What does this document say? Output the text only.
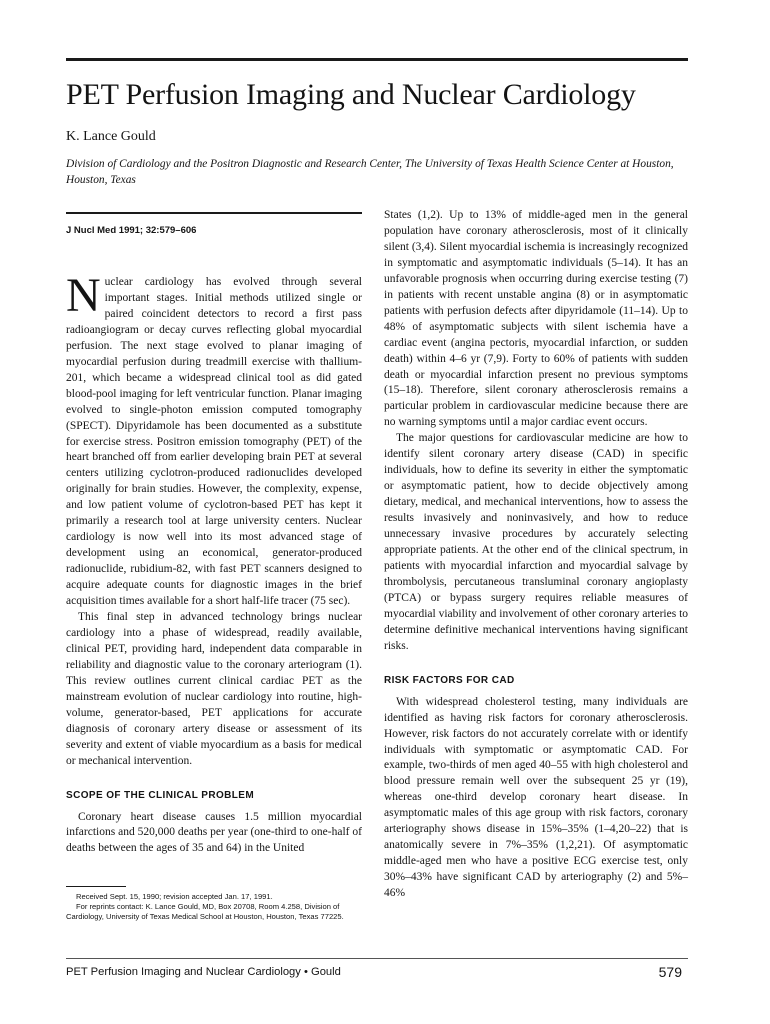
PET Perfusion Imaging and Nuclear Cardiology
K. Lance Gould
Division of Cardiology and the Positron Diagnostic and Research Center, The University of Texas Health Science Center at Houston, Houston, Texas
J Nucl Med 1991; 32:579–606

Nuclear cardiology has evolved through several important stages. Initial methods utilized single or paired coincident detectors to record a first pass radioangiogram or decay curves reflecting global myocardial perfusion. The next stage evolved to planar imaging of myocardial perfusion during treadmill exercise with thallium-201, which became a widespread clinical tool as did gated blood-pool imaging for left ventricular function. Planar imaging evolved to single-photon emission computed tomography (SPECT). Dipyridamole has been documented as a substitute for exercise stress. Positron emission tomography (PET) of the heart branched off from earlier developing brain PET at several centers utilizing cyclotron-produced radionuclides developed originally for brain studies. However, the complexity, expense, and low patient volume of cyclotron-based PET has kept it primarily a research tool at large university centers. Nuclear cardiology is now well into its most advanced stage of development using an economical, generator-produced radionuclide, rubidium-82, with fast PET scanners designed to acquire adequate counts for diagnostic images in the brief acquisition times available for a short half-life tracer (75 sec).

This final step in advanced technology brings nuclear cardiology into a phase of widespread, readily available, clinical PET, providing hard, independent data comparable in reliability and diagnostic value to the coronary arteriogram (1). This review outlines current clinical cardiac PET as the mainstream evolution of nuclear cardiology into routine, high-volume, generator-based, PET applications for accurate diagnosis of coronary artery disease or assessment of its severity and extent of viable myocardium as a basis for medical or mechanical intervention.

SCOPE OF THE CLINICAL PROBLEM

Coronary heart disease causes 1.5 million myocardial infarctions and 520,000 deaths per year (one-third to one-half of deaths between the ages of 35 and 64) in the United

Received Sept. 15, 1990; revision accepted Jan. 17, 1991.

For reprints contact: K. Lance Gould, MD, Box 20708, Room 4.258, Division of Cardiology, University of Texas Medical School at Houston, Houston, Texas 77225.

States (1,2). Up to 13% of middle-aged men in the general population have coronary atherosclerosis, most of it clinically silent (3,4). Silent myocardial ischemia is increasingly recognized in symptomatic and asymptomatic individuals (5–14). It has an unfavorable prognosis when occurring during exercise testing (7) in patients with recent unstable angina (8) or in asymptomatic patients with perfusion defects after dipyridamole (11–14). Up to 48% of asymptomatic subjects with silent ischemia have a cardiac event (angina pectoris, myocardial infarction, or sudden death) within 4–6 yr (7,9). Forty to 60% of patients with sudden death or myocardial infarction present no previous symptoms (15–18). Therefore, silent coronary atherosclerosis remains a particular problem in cardiovascular medicine because there are no warning symptoms until a major cardiac event occurs.

The major questions for cardiovascular medicine are how to identify silent coronary artery disease (CAD) in specific individuals, how to define its severity in either the symptomatic or asymptomatic patient, how to decide objectively among dietary, medical, and mechanical interventions, how to assess the results invasively and noninvasively, and how to reduce unnecessary invasive procedures by accurately selecting appropriate patients. At the other end of the clinical spectrum, in patients with myocardial infarction and myocardial salvage by thrombolysis, percutaneous transluminal coronary angioplasty (PTCA) or bypass surgery requires reliable measures of myocardial viability and involvement of other coronary arteries to determine definitive mechanical interventions having significant risks.

RISK FACTORS FOR CAD

With widespread cholesterol testing, many individuals are identified as having risk factors for coronary atherosclerosis. However, risk factors do not accurately correlate with or identify individuals with symptomatic or asymptomatic CAD. For example, two-thirds of men aged 40–55 with high cholesterol and blood pressure remain well over the subsequent 25 yr (19), whereas one-third develop coronary heart disease. In asymptomatic males of this age group with risk factors, coronary arteriography shows disease in 15%–35% (1–4,20–22) that is anatomically severe in 7%–35% (1,2,21). Of asymptomatic middle-aged men who have a positive ECG exercise test, only 30%–43% have significant CAD by arteriography (2) and 5%–46%

PET Perfusion Imaging and Nuclear Cardiology • Gould	579
